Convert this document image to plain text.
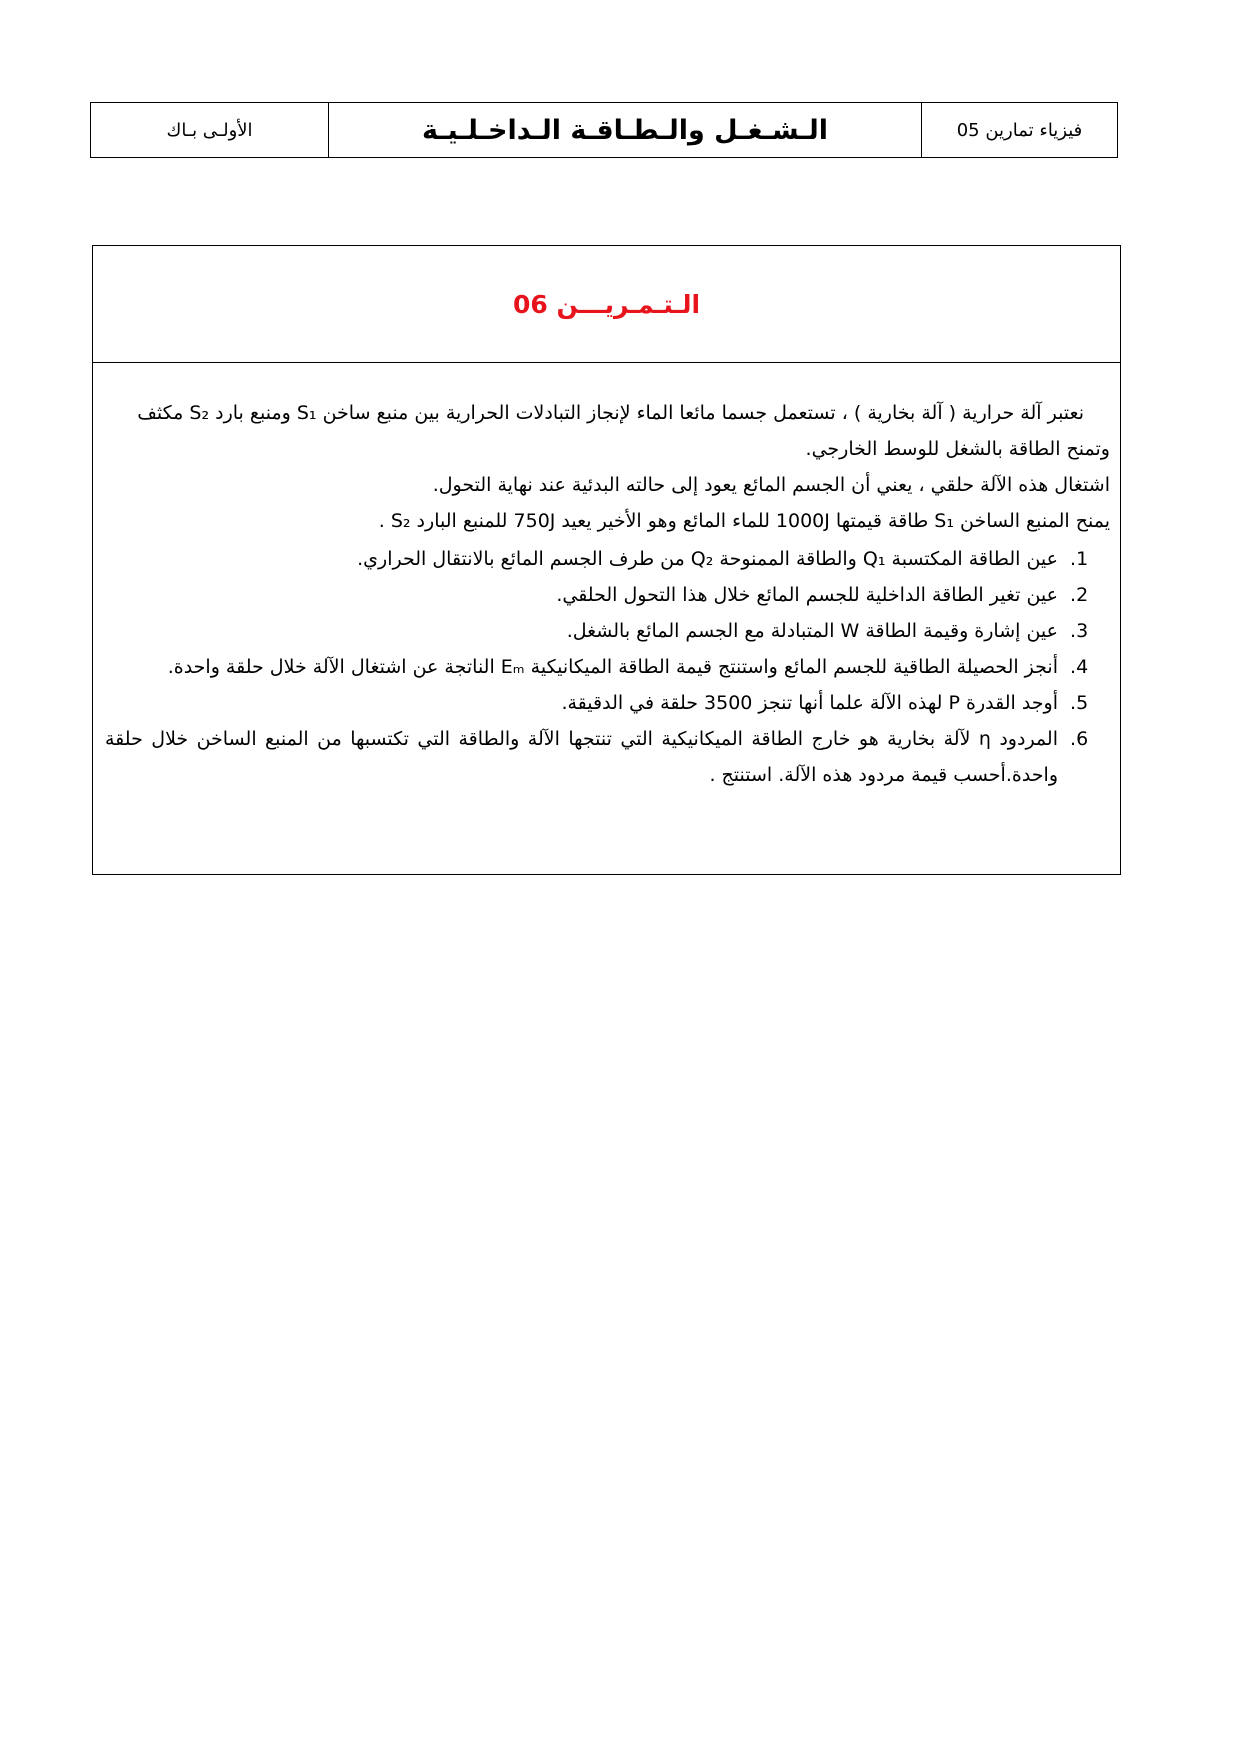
فيزياء تمارين 05
الـشـغـل والـطـاقـة الـداخـلـيـة
الأولـى بـاك
الـتـمـريـــن 06

نعتبر آلة حرارية ( آلة بخارية ) ، تستعمل جسما مائعا الماء لإنجاز التبادلات الحرارية بين منبع ساخن S₁ ومنبع بارد S₂ مكثف وتمنح الطاقة بالشغل للوسط الخارجي.

اشتغال هذه الآلة حلقي ، يعني أن الجسم المائع يعود إلى حالته البدئية عند نهاية التحول.

يمنح المنبع الساخن S₁ طاقة قيمتها 1000J للماء المائع وهو الأخير يعيد 750J للمنبع البارد S₂ .

1. عين الطاقة المكتسبة Q₁ والطاقة الممنوحة Q₂ من طرف الجسم المائع بالانتقال الحراري.
2. عين تغير الطاقة الداخلية للجسم المائع خلال هذا التحول الحلقي.
3. عين إشارة وقيمة الطاقة W المتبادلة مع الجسم المائع بالشغل.
4. أنجز الحصيلة الطاقية للجسم المائع واستنتج قيمة الطاقة الميكانيكية Eₘ الناتجة عن اشتغال الآلة خلال حلقة واحدة.
5. أوجد القدرة P لهذه الآلة علما أنها تنجز 3500 حلقة في الدقيقة.
6. المردود η لآلة بخارية هو خارج الطاقة الميكانيكية التي تنتجها الآلة والطاقة التي تكتسبها من المنبع الساخن خلال حلقة واحدة.أحسب قيمة مردود هذه الآلة. استنتج .
